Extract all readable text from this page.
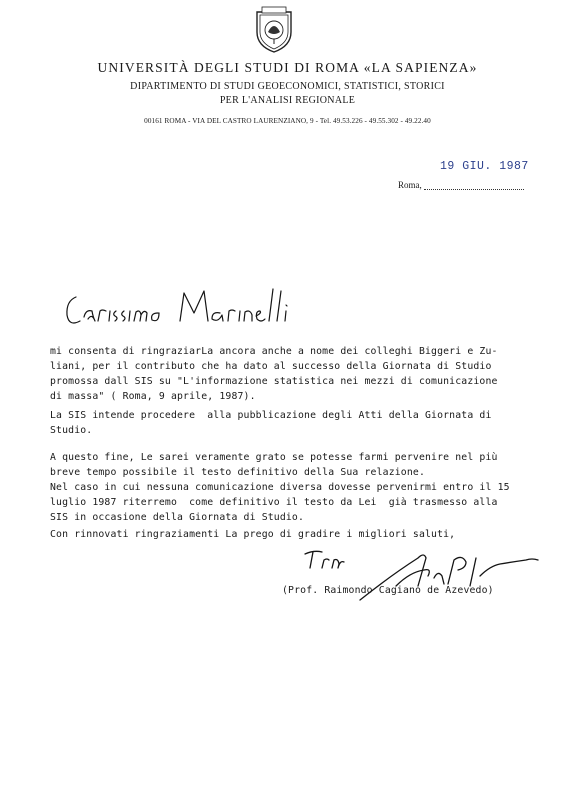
UNIVERSITÀ DEGLI STUDI DI ROMA «LA SAPIENZA»
DIPARTIMENTO DI STUDI GEOECONOMICI, STATISTICI, STORICI
PER L'ANALISI REGIONALE
00161 ROMA - VIA DEL CASTRO LAURENZIANO, 9 - Tel. 49.53.226 - 49.55.302 - 49.22.40
19 GIU. 1987
Roma,
mi consenta di ringraziarLa ancora anche a nome dei colleghi Biggeri e Zu-
liani, per il contributo che ha dato al successo della Giornata di Studio
promossa dall SIS su "L'informazione statistica nei mezzi di comunicazione
di massa" ( Roma, 9 aprile, 1987).
La SIS intende procedere  alla pubblicazione degli Atti della Giornata di
Studio.
A questo fine, Le sarei veramente grato se potesse farmi pervenire nel più
breve tempo possibile il testo definitivo della Sua relazione.
Nel caso in cui nessuna comunicazione diversa dovesse pervenirmi entro il 15
luglio 1987 riterremo  come definitivo il testo da Lei  già trasmesso alla
SIS in occasione della Giornata di Studio.
Con rinnovati ringraziamenti La prego di gradire i migliori saluti,
(Prof. Raimondo Cagiano de Azevedo)
